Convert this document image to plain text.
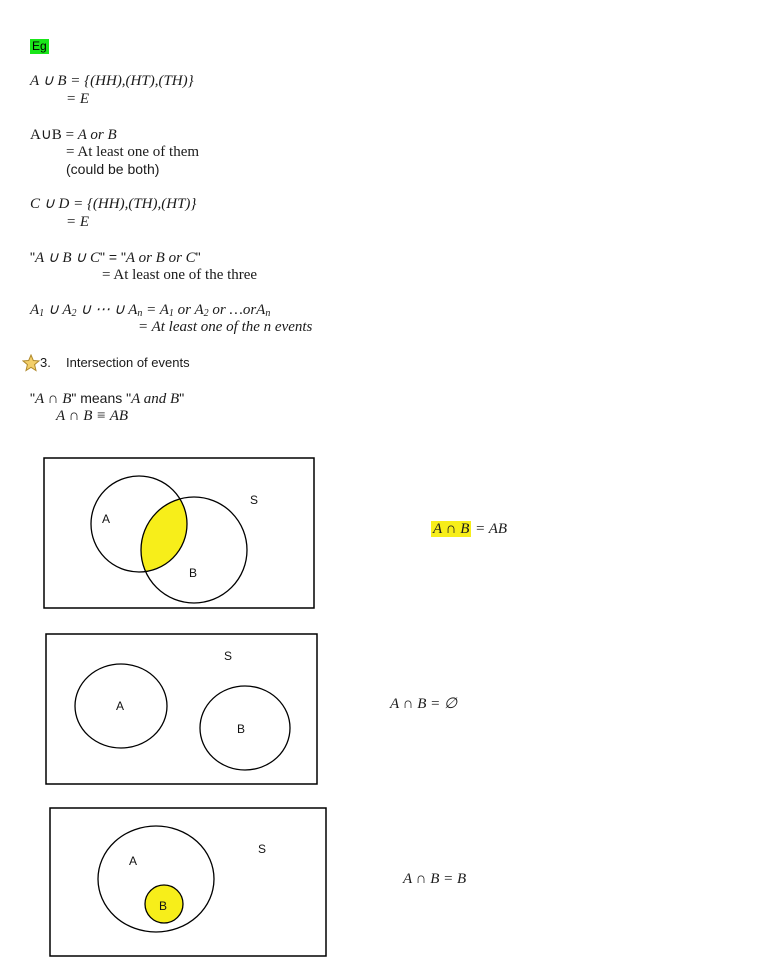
Eg
A ∪ B = {(HH),(HT),(TH)}
= E
A∪B = A or B
= At least one of them
(could be both)
C ∪ D = {(HH),(TH),(HT)}
= E
"A ∪ B ∪ C" = "A or B or C"
= At least one of the three
$A_1$ ∪ $A_2$ ∪ ⋯ ∪ $A_n = A_1$ or $A_2$ or …orA$_n$
= At least one of the n events
3. Intersection of events
"A ∩ B" means "A and B"
A ∩ B ≡ AB
A
B
S
A ∩ B = AB
A
B
S
A ∩ B = ∅
A
B
S
A ∩ B = B
